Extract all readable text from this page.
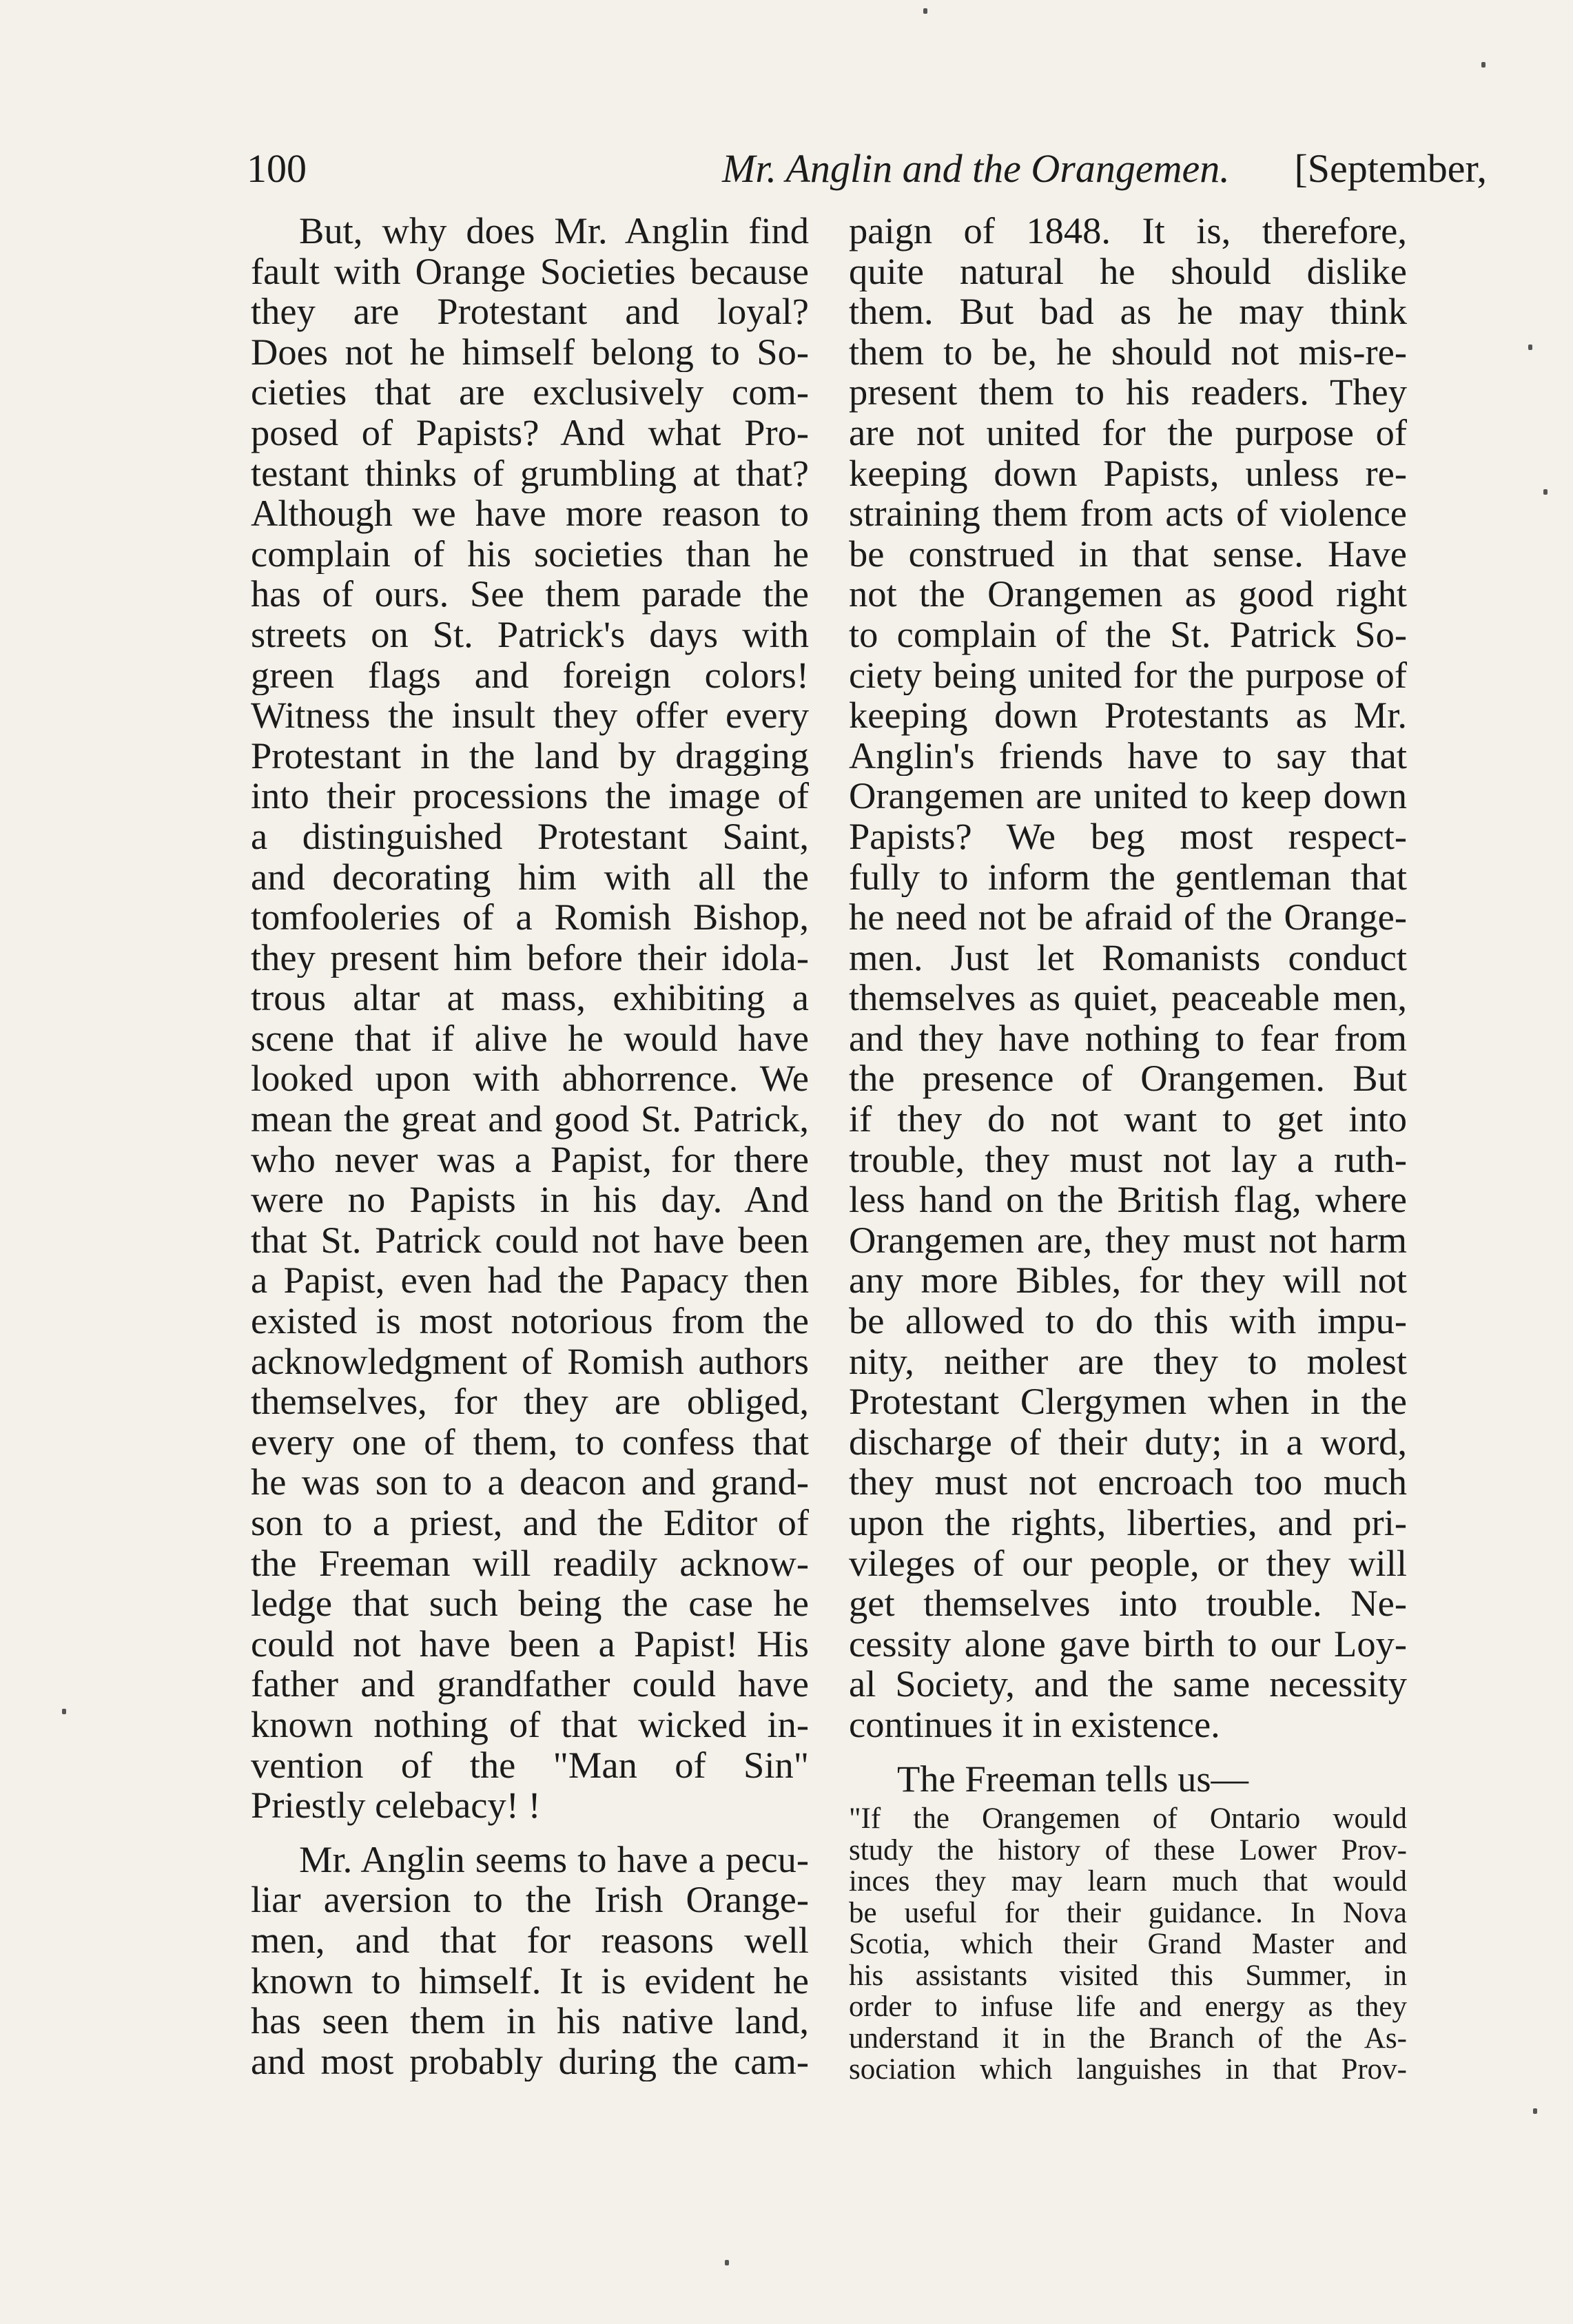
100	Mr. Anglin and the Orangemen. [September,
But, why does Mr. Anglin find
fault with Orange Societies because
they are Protestant and loyal?
Does not he himself belong to So-
cieties that are exclusively com-
posed of Papists? And what Pro-
testant thinks of grumbling at that?
Although we have more reason to
complain of his societies than he
has of ours. See them parade the
streets on St. Patrick's days with
green flags and foreign colors!
Witness the insult they offer every
Protestant in the land by dragging
into their processions the image of
a distinguished Protestant Saint,
and decorating him with all the
tomfooleries of a Romish Bishop,
they present him before their idola-
trous altar at mass, exhibiting a
scene that if alive he would have
looked upon with abhorrence. We
mean the great and good St. Patrick,
who never was a Papist, for there
were no Papists in his day. And
that St. Patrick could not have been
a Papist, even had the Papacy then
existed is most notorious from the
acknowledgment of Romish authors
themselves, for they are obliged,
every one of them, to confess that
he was son to a deacon and grand-
son to a priest, and the Editor of
the Freeman will readily acknow-
ledge that such being the case he
could not have been a Papist! His
father and grandfather could have
known nothing of that wicked in-
vention of the "Man of Sin"
Priestly celebacy! !
Mr. Anglin seems to have a pecu-
liar aversion to the Irish Orange-
men, and that for reasons well
known to himself. It is evident he
has seen them in his native land,
and most probably during the cam-
paign of 1848. It is, therefore,
quite natural he should dislike
them. But bad as he may think
them to be, he should not mis-re-
present them to his readers. They
are not united for the purpose of
keeping down Papists, unless re-
straining them from acts of violence
be construed in that sense. Have
not the Orangemen as good right
to complain of the St. Patrick So-
ciety being united for the purpose of
keeping down Protestants as Mr.
Anglin's friends have to say that
Orangemen are united to keep down
Papists? We beg most respect-
fully to inform the gentleman that
he need not be afraid of the Orange-
men. Just let Romanists conduct
themselves as quiet, peaceable men,
and they have nothing to fear from
the presence of Orangemen. But
if they do not want to get into
trouble, they must not lay a ruth-
less hand on the British flag, where
Orangemen are, they must not harm
any more Bibles, for they will not
be allowed to do this with impu-
nity, neither are they to molest
Protestant Clergymen when in the
discharge of their duty; in a word,
they must not encroach too much
upon the rights, liberties, and pri-
vileges of our people, or they will
get themselves into trouble. Ne-
cessity alone gave birth to our Loy-
al Society, and the same necessity
continues it in existence.
The Freeman tells us—
"If the Orangemen of Ontario would
study the history of these Lower Prov-
inces they may learn much that would
be useful for their guidance. In Nova
Scotia, which their Grand Master and
his assistants visited this Summer, in
order to infuse life and energy as they
understand it in the Branch of the As-
sociation which languishes in that Prov-
